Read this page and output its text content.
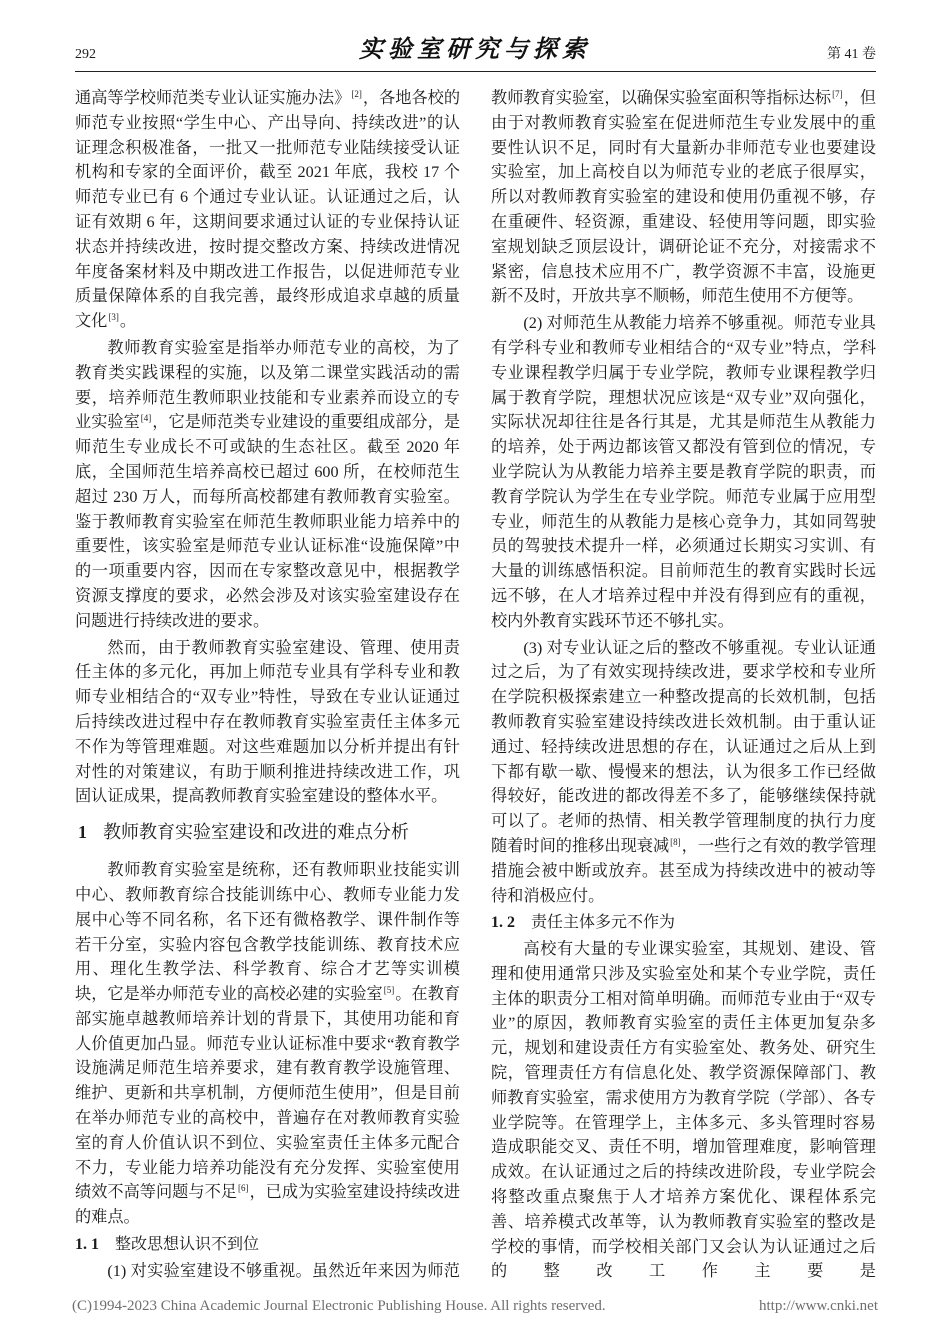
292	实验室研究与探索	第 41 卷

通高等学校师范类专业认证实施办法》[2]，各地各校的师范专业按照“学生中心、产出导向、持续改进”的认证理念积极准备，一批又一批师范专业陆续接受认证机构和专家的全面评价，截至 2021 年底，我校 17 个师范专业已有 6 个通过专业认证。认证通过之后，认证有效期 6 年，这期间要求通过认证的专业保持认证状态并持续改进，按时提交整改方案、持续改进情况年度备案材料及中期改进工作报告，以促进师范专业质量保障体系的自我完善，最终形成追求卓越的质量文化[3]。

教师教育实验室是指举办师范专业的高校，为了教育类实践课程的实施，以及第二课堂实践活动的需要，培养师范生教师职业技能和专业素养而设立的专业实验室[4]，它是师范类专业建设的重要组成部分，是师范生专业成长不可或缺的生态社区。截至 2020 年底，全国师范生培养高校已超过 600 所，在校师范生超过 230 万人，而每所高校都建有教师教育实验室。鉴于教师教育实验室在师范生教师职业能力培养中的重要性，该实验室是师范专业认证标准“设施保障”中的一项重要内容，因而在专家整改意见中，根据教学资源支撑度的要求，必然会涉及对该实验室建设存在问题进行持续改进的要求。

然而，由于教师教育实验室建设、管理、使用责任主体的多元化，再加上师范专业具有学科专业和教师专业相结合的“双专业”特性，导致在专业认证通过后持续改进过程中存在教师教育实验室责任主体多元不作为等管理难题。对这些难题加以分析并提出有针对性的对策建议，有助于顺利推进持续改进工作，巩固认证成果，提高教师教育实验室建设的整体水平。

1 教师教育实验室建设和改进的难点分析

教师教育实验室是统称，还有教师职业技能实训中心、教师教育综合技能训练中心、教师专业能力发展中心等不同名称，名下还有微格教学、课件制作等若干分室，实验内容包含教学技能训练、教育技术应用、理化生教学法、科学教育、综合才艺等实训模块，它是举办师范专业的高校必建的实验室[5]。在教育部实施卓越教师培养计划的背景下，其使用功能和育人价值更加凸显。师范专业认证标准中要求“教育教学设施满足师范生培养要求，建有教育教学设施管理、维护、更新和共享机制，方便师范生使用”，但是目前在举办师范专业的高校中，普遍存在对教师教育实验室的育人价值认识不到位、实验室责任主体多元配合不力，专业能力培养功能没有充分发挥、实验室使用绩效不高等问题与不足[6]，已成为实验室建设持续改进的难点。

1. 1 整改思想认识不到位

(1) 对实验室建设不够重视。虽然近年来因为师范

教师教育实验室，以确保实验室面积等指标达标[7]，但由于对教师教育实验室在促进师范生专业发展中的重要性认识不足，同时有大量新办非师范专业也要建设实验室，加上高校自以为师范专业的老底子很厚实，所以对教师教育实验室的建设和使用仍重视不够，存在重硬件、轻资源，重建设、轻使用等问题，即实验室规划缺乏顶层设计，调研论证不充分，对接需求不紧密，信息技术应用不广，教学资源不丰富，设施更新不及时，开放共享不顺畅，师范生使用不方便等。

(2) 对师范生从教能力培养不够重视。师范专业具有学科专业和教师专业相结合的“双专业”特点，学科专业课程教学归属于专业学院，教师专业课程教学归属于教育学院，理想状况应该是“双专业”双向强化，实际状况却往往是各行其是，尤其是师范生从教能力的培养，处于两边都该管又都没有管到位的情况，专业学院认为从教能力培养主要是教育学院的职责，而教育学院认为学生在专业学院。师范专业属于应用型专业，师范生的从教能力是核心竞争力，其如同驾驶员的驾驶技术提升一样，必须通过长期实习实训、有大量的训练感悟积淀。目前师范生的教育实践时长远远不够，在人才培养过程中并没有得到应有的重视，校内外教育实践环节还不够扎实。

(3) 对专业认证之后的整改不够重视。专业认证通过之后，为了有效实现持续改进，要求学校和专业所在学院积极探索建立一种整改提高的长效机制，包括教师教育实验室建设持续改进长效机制。由于重认证通过、轻持续改进思想的存在，认证通过之后从上到下都有歇一歇、慢慢来的想法，认为很多工作已经做得较好，能改进的都改得差不多了，能够继续保持就可以了。老师的热情、相关教学管理制度的执行力度随着时间的推移出现衰减[8]，一些行之有效的教学管理措施会被中断或放弃。甚至成为持续改进中的被动等待和消极应付。

1. 2 责任主体多元不作为

高校有大量的专业课实验室，其规划、建设、管理和使用通常只涉及实验室处和某个专业学院，责任主体的职责分工相对简单明确。而师范专业由于“双专业”的原因，教师教育实验室的责任主体更加复杂多元，规划和建设责任方有实验室处、教务处、研究生院，管理责任方有信息化处、教学资源保障部门、教师教育实验室，需求使用方为教育学院（学部）、各专业学院等。在管理学上，主体多元、多头管理时容易造成职能交叉、责任不明，增加管理难度，影响管理成效。在认证通过之后的持续改进阶段，专业学院会将整改重点聚焦于人才培养方案优化、课程体系完善、培养模式改革等，认为教师教育实验室的整改是学校的事情，而学校相关部门又会认为认证通过之后的整改工作主要是

(C)1994-2023 China Academic Journal Electronic Publishing House. All rights reserved.	http://www.cnki.net
